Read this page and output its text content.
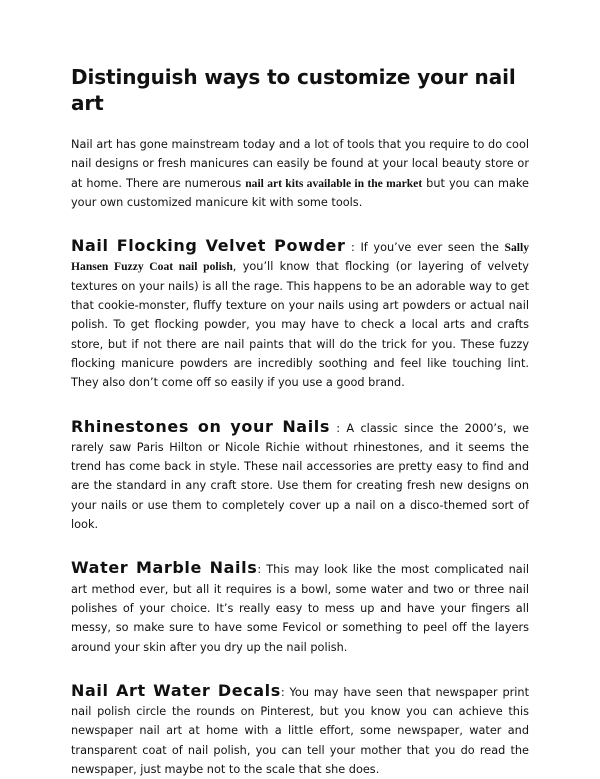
Distinguish ways to customize your nail art

Nail art has gone mainstream today and a lot of tools that you require to do cool nail designs or fresh manicures can easily be found at your local beauty store or at home. There are numerous nail art kits available in the market but you can make your own customized manicure kit with some tools.

Nail Flocking Velvet Powder : If you’ve ever seen the Sally Hansen Fuzzy Coat nail polish, you’ll know that flocking (or layering of velvety textures on your nails) is all the rage. This happens to be an adorable way to get that cookie-monster, fluffy texture on your nails using art powders or actual nail polish. To get flocking powder, you may have to check a local arts and crafts store, but if not there are nail paints that will do the trick for you. These fuzzy flocking manicure powders are incredibly soothing and feel like touching lint. They also don’t come off so easily if you use a good brand.

Rhinestones on your Nails : A classic since the 2000’s, we rarely saw Paris Hilton or Nicole Richie without rhinestones, and it seems the trend has come back in style. These nail accessories are pretty easy to find and are the standard in any craft store. Use them for creating fresh new designs on your nails or use them to completely cover up a nail on a disco-themed sort of look.

Water Marble Nails: This may look like the most complicated nail art method ever, but all it requires is a bowl, some water and two or three nail polishes of your choice. It’s really easy to mess up and have your fingers all messy, so make sure to have some Fevicol or something to peel off the layers around your skin after you dry up the nail polish.

Nail Art Water Decals: You may have seen that newspaper print nail polish circle the rounds on Pinterest, but you know you can achieve this newspaper nail art at home with a little effort, some newspaper, water and transparent coat of nail polish, you can tell your mother that you do read the newspaper, just maybe not to the scale that she does.
